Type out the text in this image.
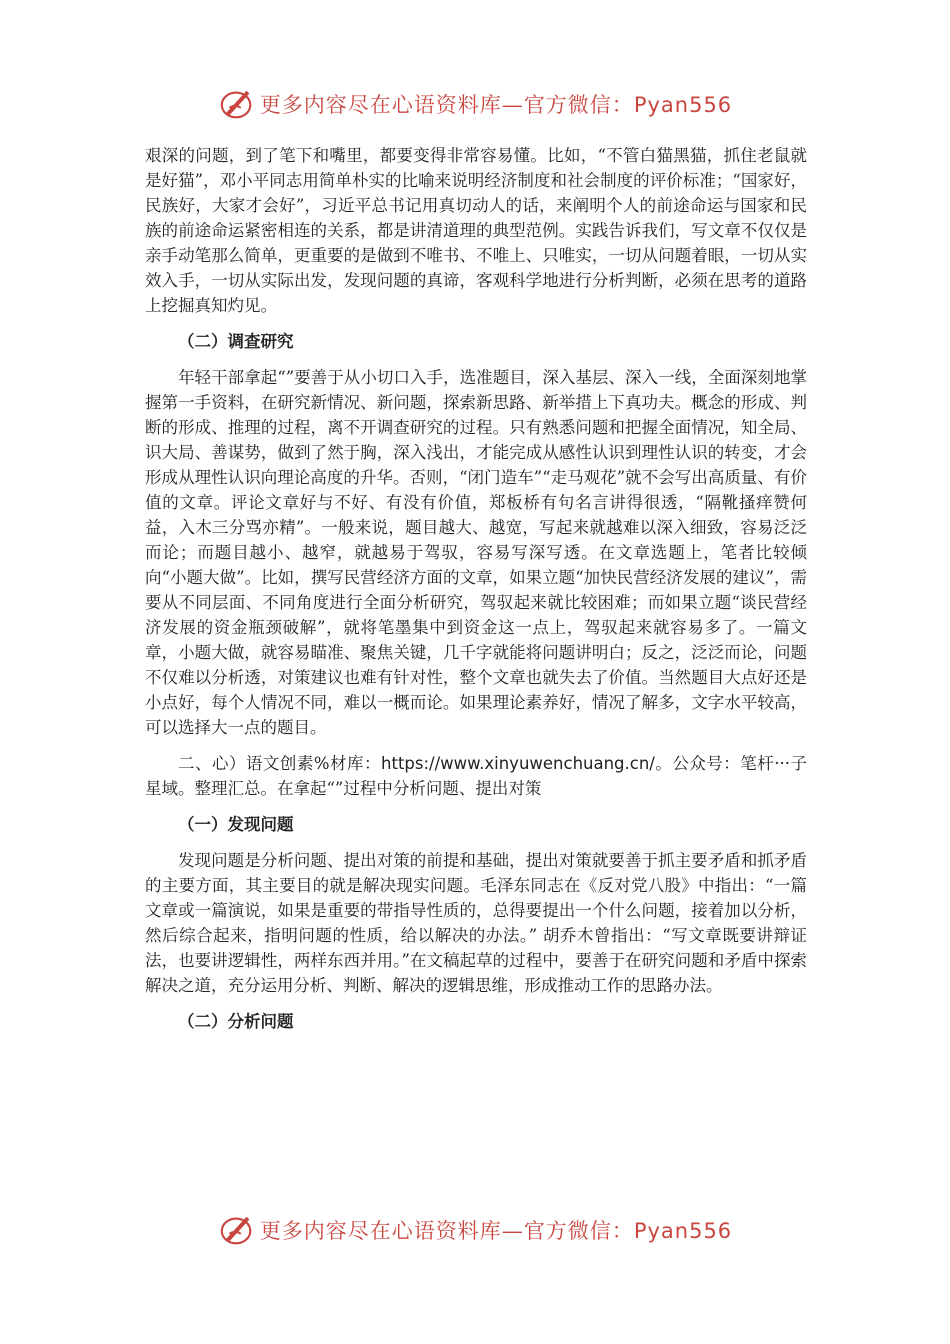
更多内容尽在心语资料库—官方微信：Pyan556

艰深的问题，到了笔下和嘴里，都要变得非常容易懂。比如，“不管白猫黑猫，抓住老鼠就是好猫”，邓小平同志用简单朴实的比喻来说明经济制度和社会制度的评价标准；“国家好，民族好，大家才会好”，习近平总书记用真切动人的话，来阐明个人的前途命运与国家和民族的前途命运紧密相连的关系，都是讲清道理的典型范例。实践告诉我们，写文章不仅仅是亲手动笔那么简单，更重要的是做到不唯书、不唯上、只唯实，一切从问题着眼，一切从实效入手，一切从实际出发，发现问题的真谛，客观科学地进行分析判断，必须在思考的道路上挖掘真知灼见。

（二）调查研究

年轻干部拿起“”要善于从小切口入手，选准题目，深入基层、深入一线，全面深刻地掌握第一手资料，在研究新情况、新问题，探索新思路、新举措上下真功夫。概念的形成、判断的形成、推理的过程，离不开调查研究的过程。只有熟悉问题和把握全面情况，知全局、识大局、善谋势，做到了然于胸，深入浅出，才能完成从感性认识到理性认识的转变，才会形成从理性认识向理论高度的升华。否则，“闭门造车”“走马观花”就不会写出高质量、有价值的文章。评论文章好与不好、有没有价值，郑板桥有句名言讲得很透，“隔靴搔痒赞何益，入木三分骂亦精”。一般来说，题目越大、越宽，写起来就越难以深入细致，容易泛泛而论；而题目越小、越窄，就越易于驾驭，容易写深写透。在文章选题上，笔者比较倾向“小题大做”。比如，撰写民营经济方面的文章，如果立题“加快民营经济发展的建议”，需要从不同层面、不同角度进行全面分析研究，驾驭起来就比较困难；而如果立题“谈民营经济发展的资金瓶颈破解”，就将笔墨集中到资金这一点上，驾驭起来就容易多了。一篇文章，小题大做，就容易瞄准、聚焦关键，几千字就能将问题讲明白；反之，泛泛而论，问题不仅难以分析透，对策建议也难有针对性，整个文章也就失去了价值。当然题目大点好还是小点好，每个人情况不同，难以一概而论。如果理论素养好，情况了解多，文字水平较高，可以选择大一点的题目。

二、心）语文创素%材库：https://www.xinyuwenchuang.cn/。公众号：笔杆···子星域。整理汇总。在拿起“”过程中分析问题、提出对策

（一）发现问题

发现问题是分析问题、提出对策的前提和基础，提出对策就要善于抓主要矛盾和抓矛盾的主要方面，其主要目的就是解决现实问题。毛泽东同志在《反对党八股》中指出：“一篇文章或一篇演说，如果是重要的带指导性质的，总得要提出一个什么问题，接着加以分析，然后综合起来，指明问题的性质，给以解决的办法。” 胡乔木曾指出：“写文章既要讲辩证法，也要讲逻辑性，两样东西并用。”在文稿起草的过程中，要善于在研究问题和矛盾中探索解决之道，充分运用分析、判断、解决的逻辑思维，形成推动工作的思路办法。

（二）分析问题
更多内容尽在心语资料库—官方微信：Pyan556
